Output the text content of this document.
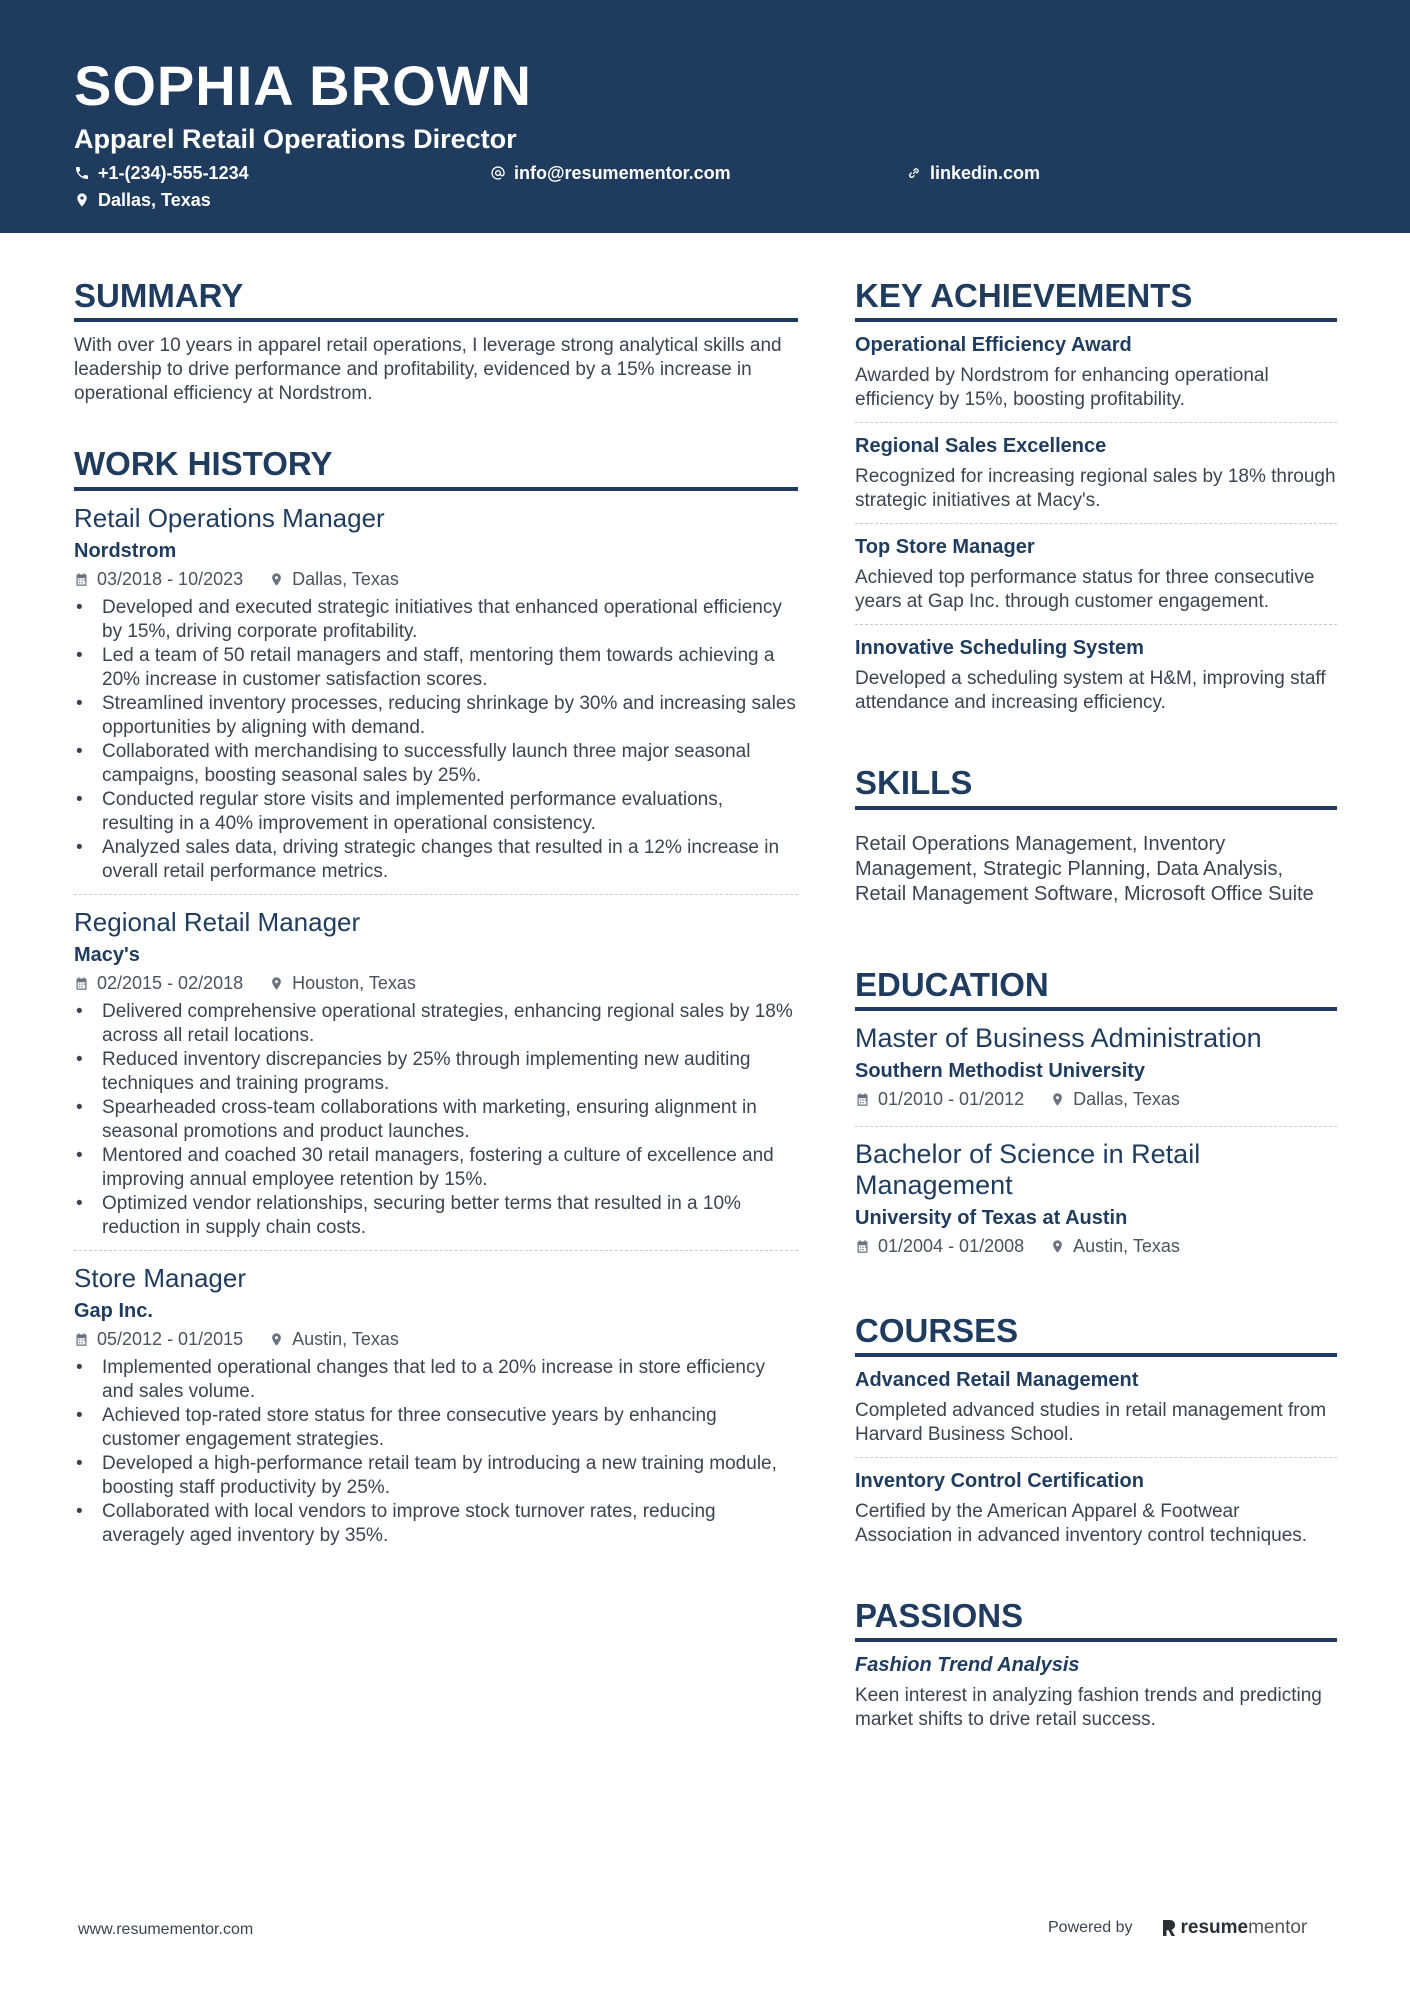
SOPHIA BROWN
Apparel Retail Operations Director
+1-(234)-555-1234	info@resumementor.com	linkedin.com
Dallas, Texas
SUMMARY
With over 10 years in apparel retail operations, I leverage strong analytical skills and leadership to drive performance and profitability, evidenced by a 15% increase in operational efficiency at Nordstrom.
WORK HISTORY
Retail Operations Manager
Nordstrom
03/2018 - 10/2023	Dallas, Texas
• Developed and executed strategic initiatives that enhanced operational efficiency by 15%, driving corporate profitability.
• Led a team of 50 retail managers and staff, mentoring them towards achieving a 20% increase in customer satisfaction scores.
• Streamlined inventory processes, reducing shrinkage by 30% and increasing sales opportunities by aligning with demand.
• Collaborated with merchandising to successfully launch three major seasonal campaigns, boosting seasonal sales by 25%.
• Conducted regular store visits and implemented performance evaluations, resulting in a 40% improvement in operational consistency.
• Analyzed sales data, driving strategic changes that resulted in a 12% increase in overall retail performance metrics.
Regional Retail Manager
Macy's
02/2015 - 02/2018	Houston, Texas
• Delivered comprehensive operational strategies, enhancing regional sales by 18% across all retail locations.
• Reduced inventory discrepancies by 25% through implementing new auditing techniques and training programs.
• Spearheaded cross-team collaborations with marketing, ensuring alignment in seasonal promotions and product launches.
• Mentored and coached 30 retail managers, fostering a culture of excellence and improving annual employee retention by 15%.
• Optimized vendor relationships, securing better terms that resulted in a 10% reduction in supply chain costs.
Store Manager
Gap Inc.
05/2012 - 01/2015	Austin, Texas
• Implemented operational changes that led to a 20% increase in store efficiency and sales volume.
• Achieved top-rated store status for three consecutive years by enhancing customer engagement strategies.
• Developed a high-performance retail team by introducing a new training module, boosting staff productivity by 25%.
• Collaborated with local vendors to improve stock turnover rates, reducing averagely aged inventory by 35%.
KEY ACHIEVEMENTS
Operational Efficiency Award
Awarded by Nordstrom for enhancing operational efficiency by 15%, boosting profitability.
Regional Sales Excellence
Recognized for increasing regional sales by 18% through strategic initiatives at Macy's.
Top Store Manager
Achieved top performance status for three consecutive years at Gap Inc. through customer engagement.
Innovative Scheduling System
Developed a scheduling system at H&M, improving staff attendance and increasing efficiency.
SKILLS
Retail Operations Management, Inventory Management, Strategic Planning, Data Analysis, Retail Management Software, Microsoft Office Suite
EDUCATION
Master of Business Administration
Southern Methodist University
01/2010 - 01/2012	Dallas, Texas
Bachelor of Science in Retail Management
University of Texas at Austin
01/2004 - 01/2008	Austin, Texas
COURSES
Advanced Retail Management
Completed advanced studies in retail management from Harvard Business School.
Inventory Control Certification
Certified by the American Apparel & Footwear Association in advanced inventory control techniques.
PASSIONS
Fashion Trend Analysis
Keen interest in analyzing fashion trends and predicting market shifts to drive retail success.
www.resumementor.com	Powered by	resume mentor
